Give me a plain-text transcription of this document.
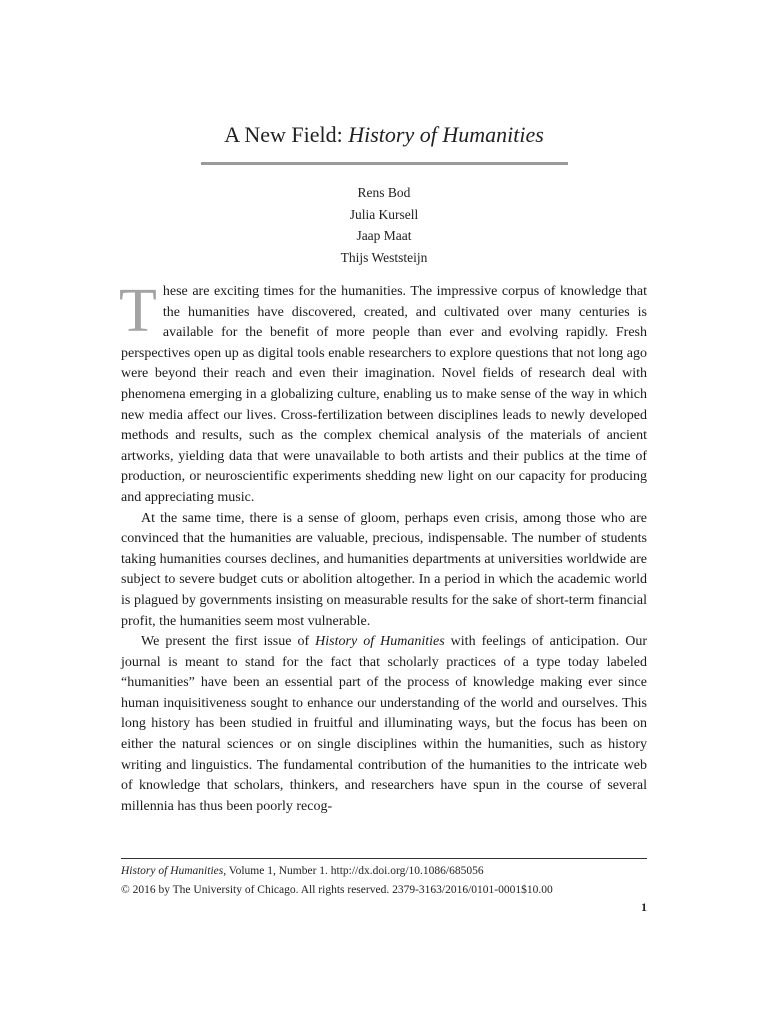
A New Field: History of Humanities
Rens Bod
Julia Kursell
Jaap Maat
Thijs Weststeijn

These are exciting times for the humanities. The impressive corpus of knowledge that the humanities have discovered, created, and cultivated over many centuries is available for the benefit of more people than ever and evolving rapidly. Fresh perspectives open up as digital tools enable researchers to explore questions that not long ago were beyond their reach and even their imagination. Novel fields of research deal with phenomena emerging in a globalizing culture, enabling us to make sense of the way in which new media affect our lives. Cross-fertilization between disciplines leads to newly developed methods and results, such as the complex chemical analysis of the materials of ancient artworks, yielding data that were unavailable to both artists and their publics at the time of production, or neuroscientific experiments shedding new light on our capacity for producing and appreciating music.

At the same time, there is a sense of gloom, perhaps even crisis, among those who are convinced that the humanities are valuable, precious, indispensable. The number of students taking humanities courses declines, and humanities departments at universities worldwide are subject to severe budget cuts or abolition altogether. In a period in which the academic world is plagued by governments insisting on measurable results for the sake of short-term financial profit, the humanities seem most vulnerable.

We present the first issue of History of Humanities with feelings of anticipation. Our journal is meant to stand for the fact that scholarly practices of a type today labeled “humanities” have been an essential part of the process of knowledge making ever since human inquisitiveness sought to enhance our understanding of the world and ourselves. This long history has been studied in fruitful and illuminating ways, but the focus has been on either the natural sciences or on single disciplines within the humanities, such as history writing and linguistics. The fundamental contribution of the humanities to the intricate web of knowledge that scholars, thinkers, and researchers have spun in the course of several millennia has thus been poorly recog-

History of Humanities, Volume 1, Number 1. http://dx.doi.org/10.1086/685056
© 2016 by The University of Chicago. All rights reserved. 2379-3163/2016/0101-0001$10.00
1
